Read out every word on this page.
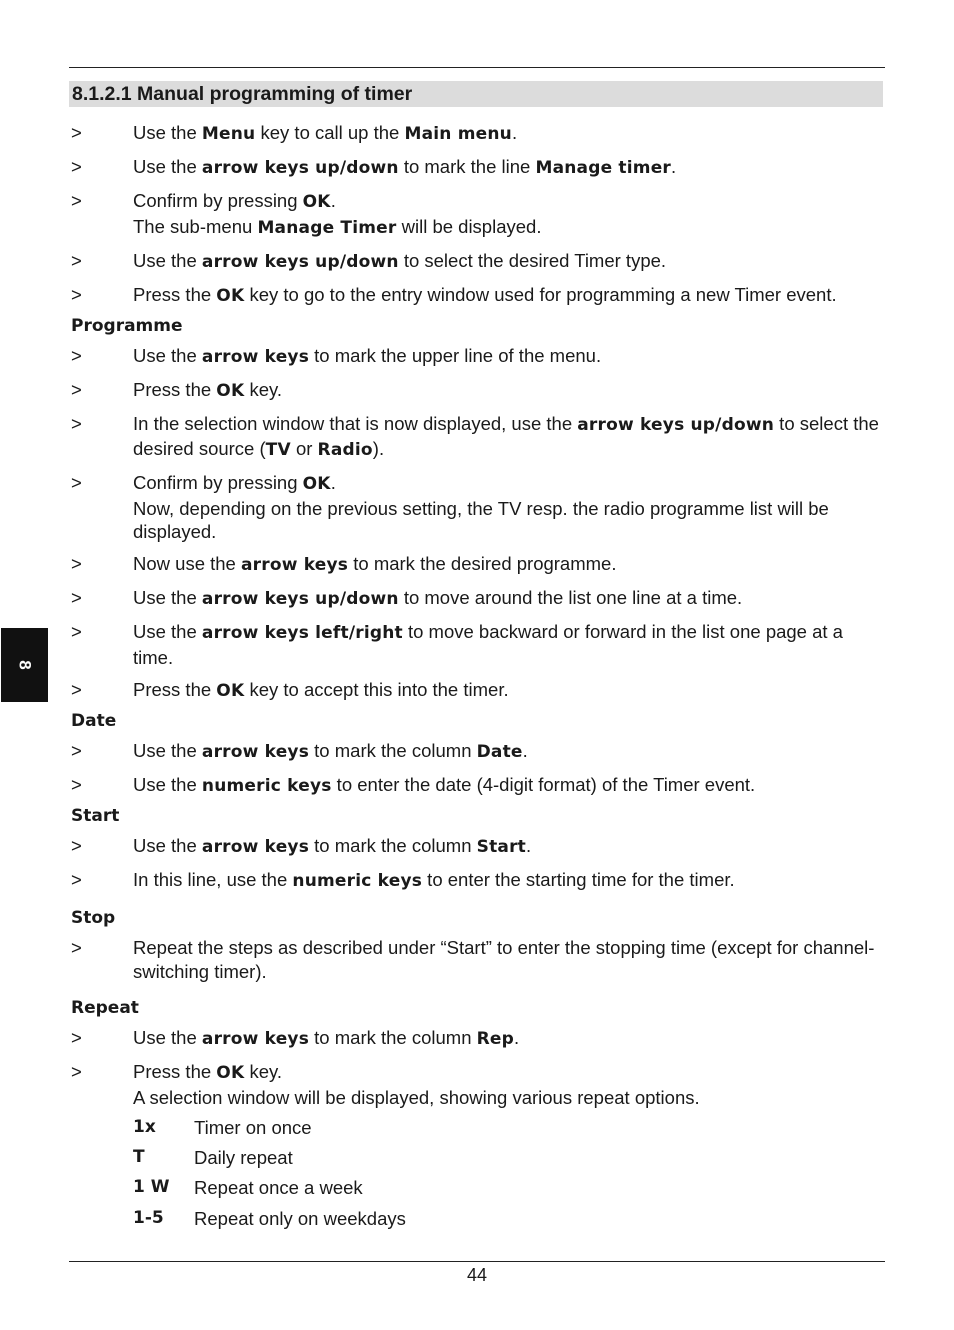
8.1.2.1 Manual programming of timer
8
>	Use the Menu key to call up the Main menu.
>	Use the arrow keys up/down to mark the line Manage timer.
>	Confirm by pressing OK.
The sub-menu Manage Timer will be displayed.
>	Use the arrow keys up/down to select the desired Timer type.
>	Press the OK key to go to the entry window used for programming a new Timer event.
Programme
>	Use the arrow keys to mark the upper line of the menu.
>	Press the OK key.
>	In the selection window that is now displayed, use the arrow keys up/down to select the desired source (TV or Radio).
>	Confirm by pressing OK.
Now, depending on the previous setting, the TV resp. the radio programme list will be displayed.
>	Now use the arrow keys to mark the desired programme.
>	Use the arrow keys up/down to move around the list one line at a time.
>	Use the arrow keys left/right to move backward or forward in the list one page at a time.
>	Press the OK key to accept this into the timer.
Date
>	Use the arrow keys to mark the column Date.
>	Use the numeric keys to enter the date (4-digit format) of the Timer event.
Start
>	Use the arrow keys to mark the column Start.
>	In this line, use the numeric keys to enter the starting time for the timer.
Stop
>	Repeat the steps as described under “Start” to enter the stopping time (except for channel-switching timer).
Repeat
>	Use the arrow keys to mark the column Rep.
>	Press the OK key.
A selection window will be displayed, showing various repeat options.
1x	Timer on once
T	Daily repeat
1 W	Repeat once a week
1-5	Repeat only on weekdays
44
